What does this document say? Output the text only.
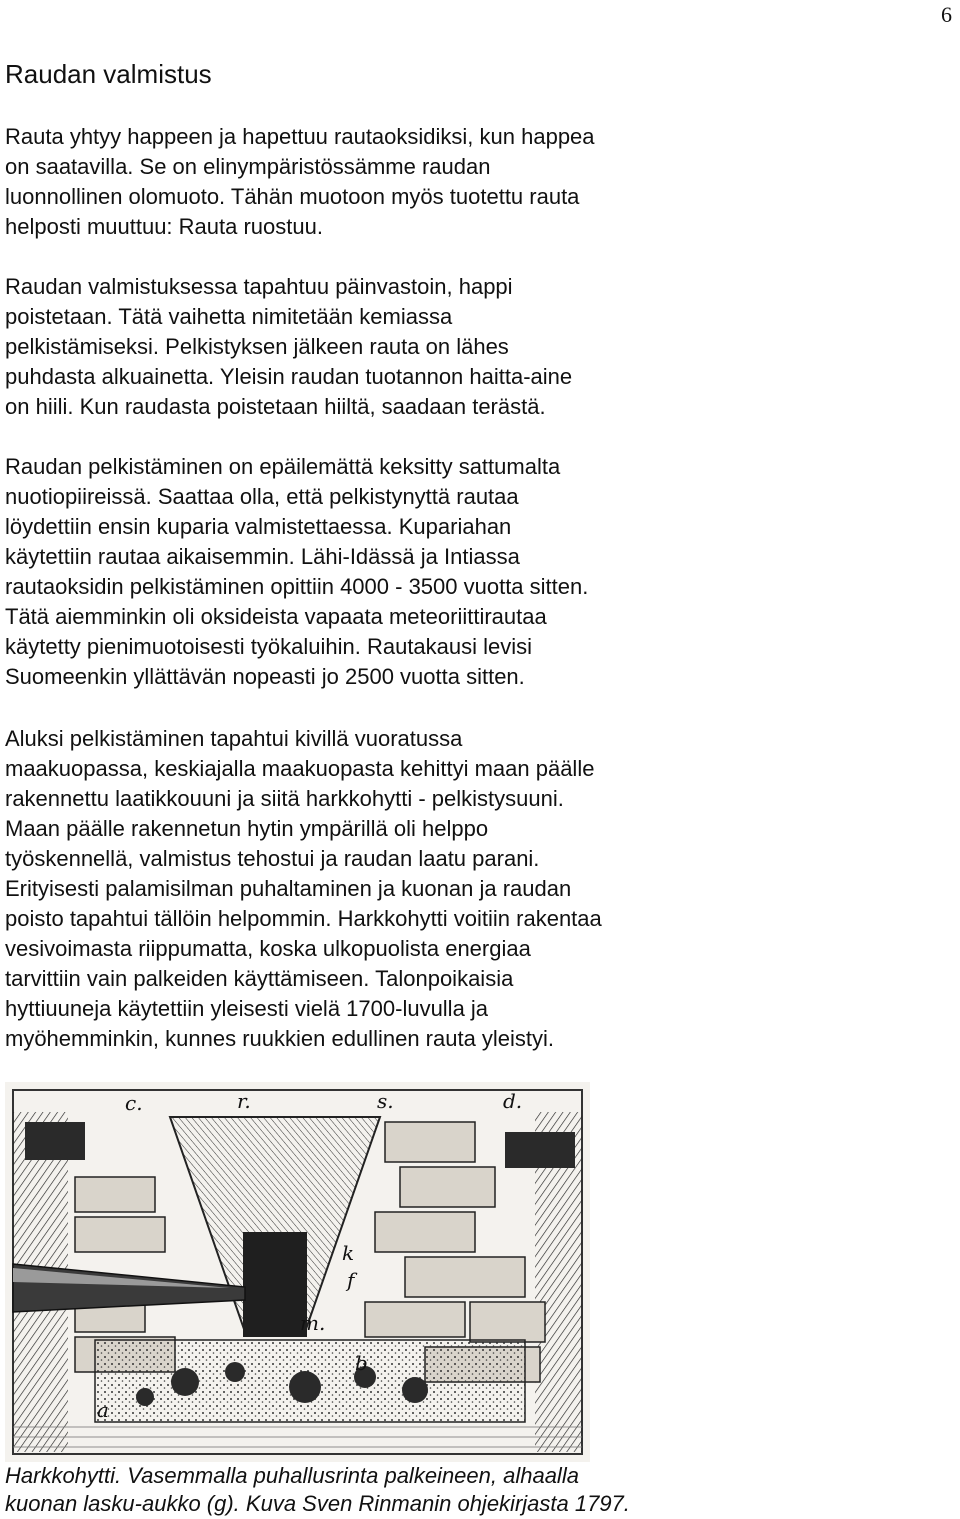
6
Raudan valmistus

Rauta yhtyy happeen ja hapettuu rautaoksidiksi, kun happea
on saatavilla. Se on elinympäristössämme raudan
luonnollinen olomuoto. Tähän muotoon myös tuotettu rauta
helposti muuttuu: Rauta ruostuu.

Raudan valmistuksessa tapahtuu päinvastoin, happi
poistetaan. Tätä vaihetta nimitetään kemiassa
pelkistämiseksi. Pelkistyksen jälkeen rauta on lähes
puhdasta alkuainetta. Yleisin raudan tuotannon haitta-aine
on hiili. Kun raudasta poistetaan hiiltä, saadaan terästä.

Raudan pelkistäminen on epäilemättä keksitty sattumalta
nuotiopiireissä. Saattaa olla, että pelkistynyttä rautaa
löydettiin ensin kuparia valmistettaessa. Kupariahan
käytettiin rautaa aikaisemmin. Lähi-Idässä ja Intiassa
rautaoksidin pelkistäminen opittiin 4000 - 3500 vuotta sitten.
Tätä aiemminkin oli oksideista vapaata meteoriittirautaa
käytetty pienimuotoisesti työkaluihin. Rautakausi levisi
Suomeenkin yllättävän nopeasti jo 2500 vuotta sitten.

Aluksi pelkistäminen tapahtui kivillä vuoratussa
maakuopassa, keskiajalla maakuopasta kehittyi maan päälle
rakennettu laatikkouuni ja siitä harkkohytti - pelkistysuuni.
Maan päälle rakennetun hytin ympärillä oli helppo
työskennellä, valmistus tehostui ja raudan laatu parani.
Erityisesti palamisilman puhaltaminen ja kuonan ja raudan
poisto tapahtui tällöin helpommin. Harkkohytti voitiin rakentaa
vesivoimasta riippumatta, koska ulkopuolista energiaa
tarvittiin vain palkeiden käyttämiseen. Talonpoikaisia
hyttiuuneja käytettiin yleisesti vielä 1700-luvulla ja
myöhemminkin, kunnes ruukkien edullinen rauta yleistyi.

c.	r.	s.	d.
k
f
m.
b
a

Harkkohytti. Vasemmalla puhallusrinta palkeineen, alhaalla
kuonan lasku-aukko (g). Kuva Sven Rinmanin ohjekirjasta 1797.
